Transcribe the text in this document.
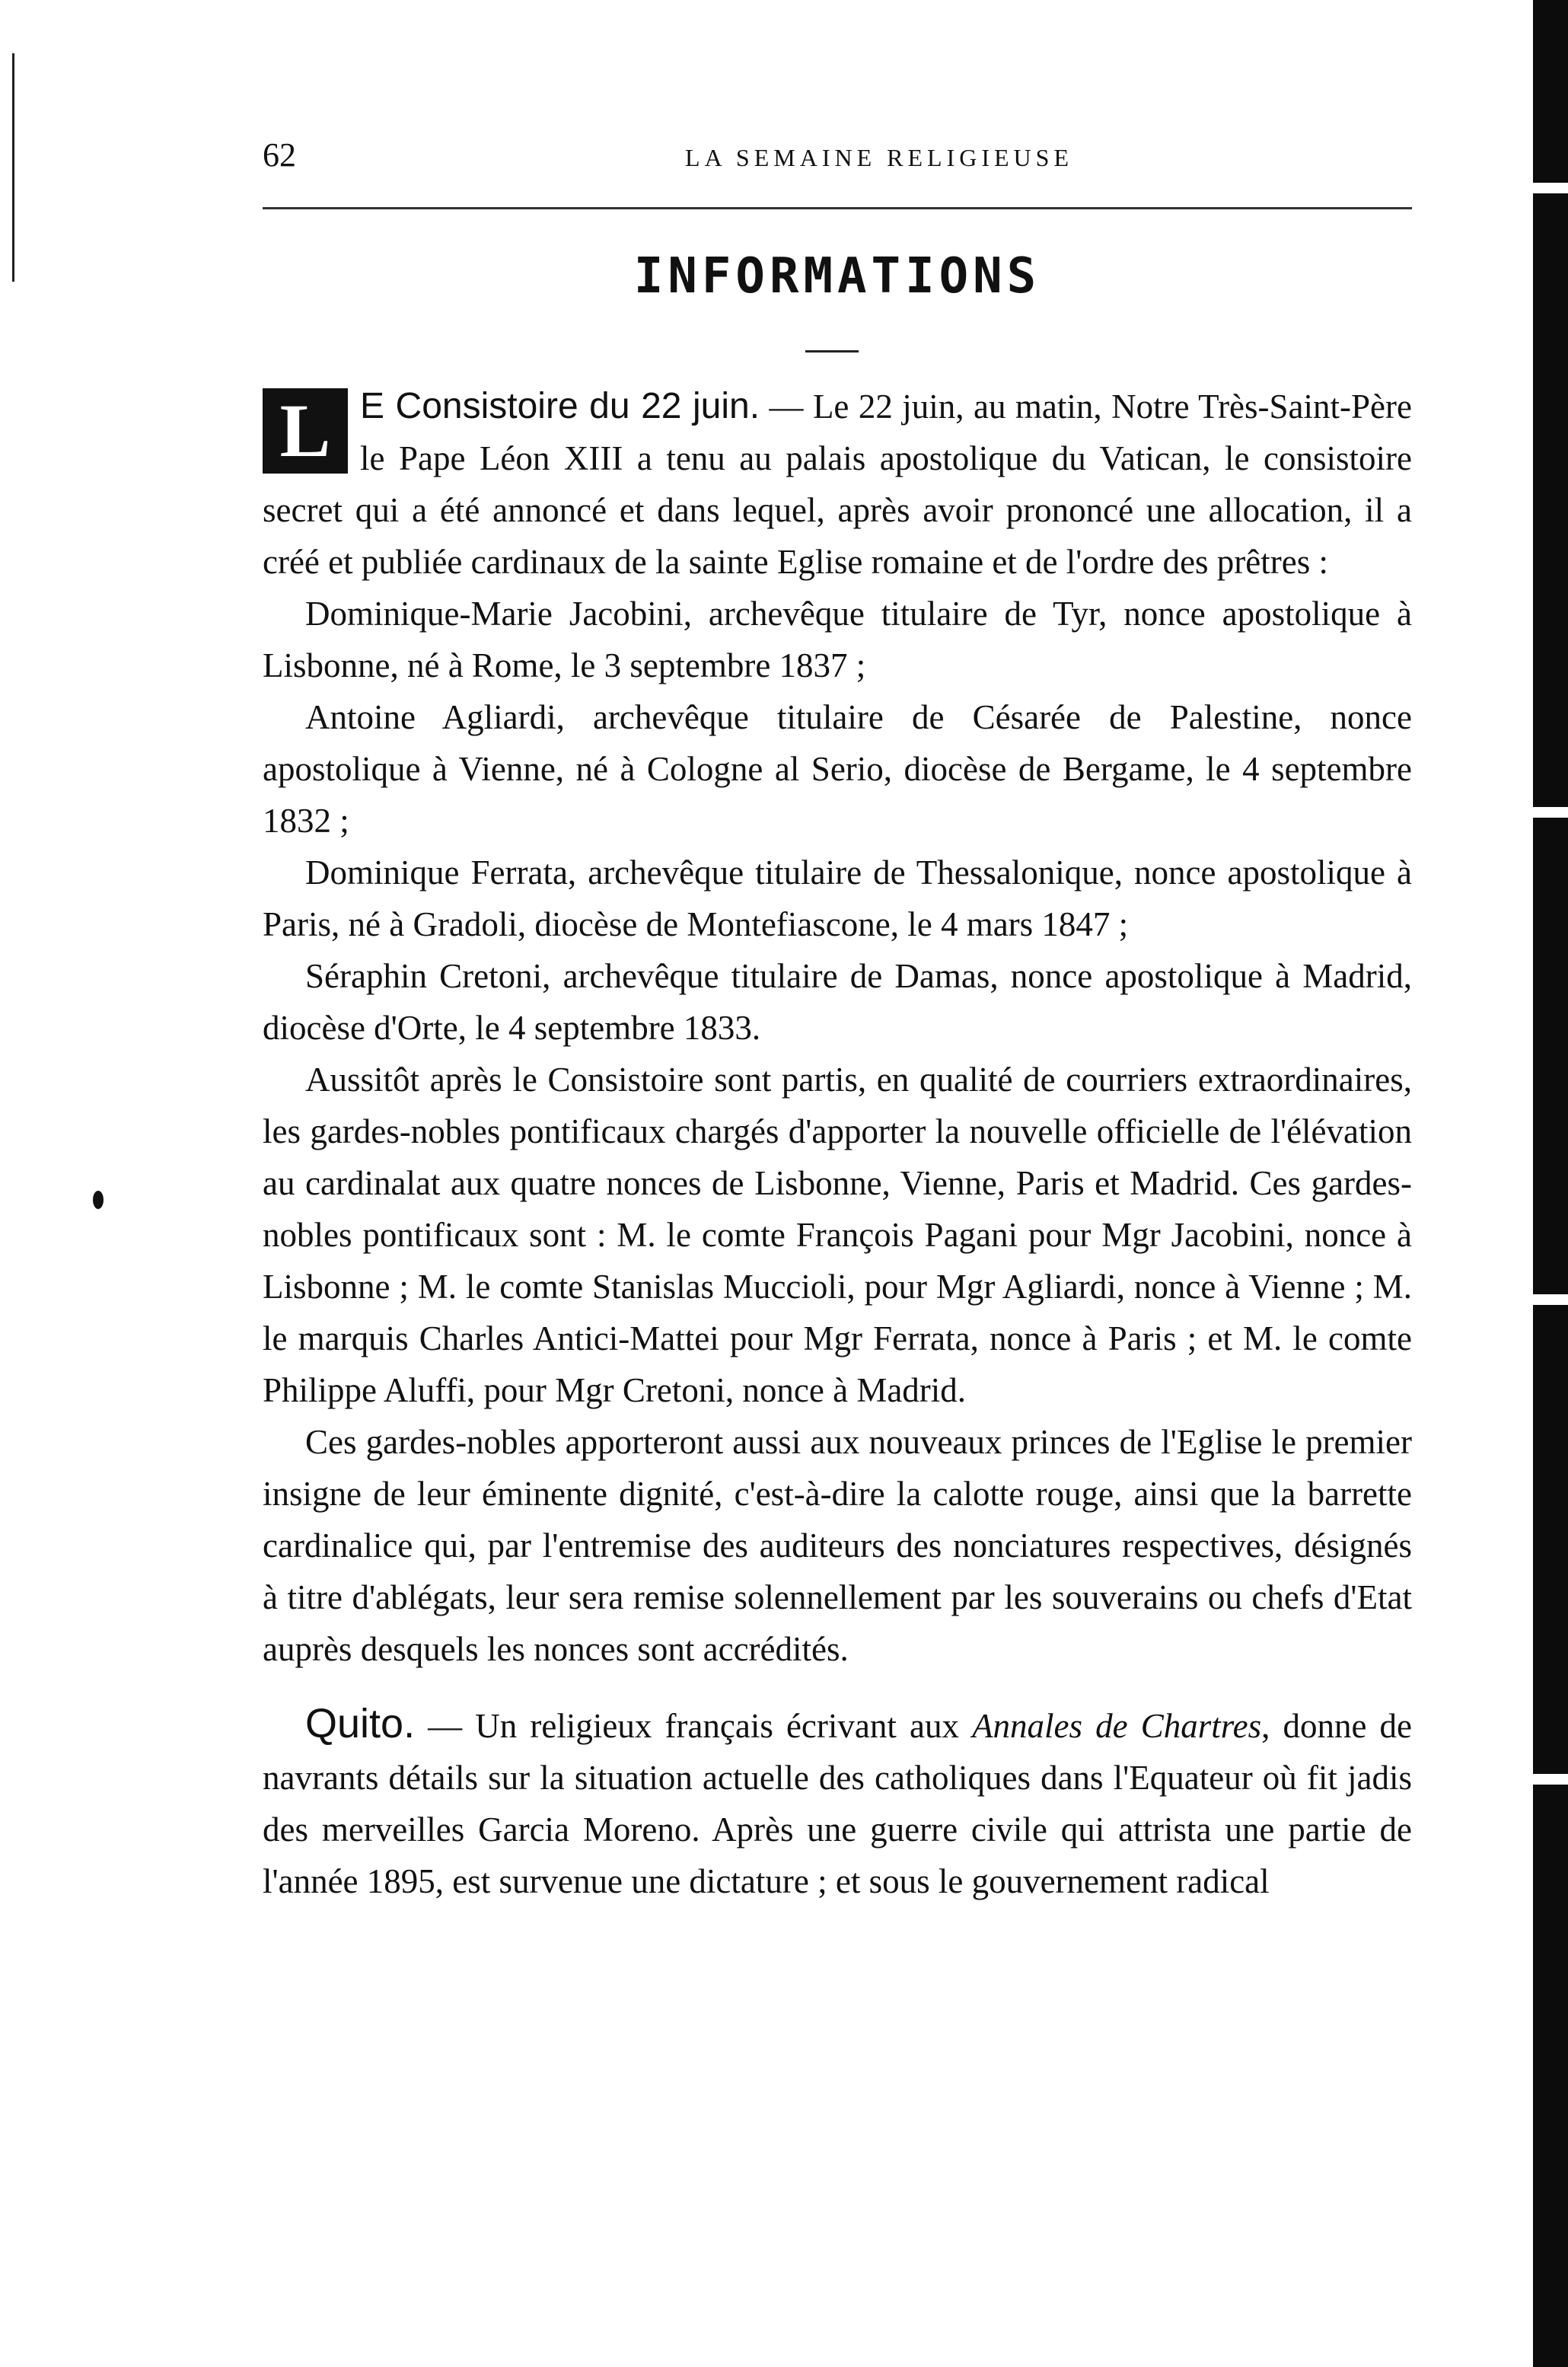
62	LA SEMAINE RELIGIEUSE
INFORMATIONS

L E Consistoire du 22 juin. — Le 22 juin, au matin, Notre Très-Saint-Père le Pape Léon XIII a tenu au palais apostolique du Vatican, le consistoire secret qui a été annoncé et dans lequel, après avoir prononcé une allocation, il a créé et publiée cardinaux de la sainte Eglise romaine et de l'ordre des prêtres :

Dominique-Marie Jacobini, archevêque titulaire de Tyr, nonce apostolique à Lisbonne, né à Rome, le 3 septembre 1837 ;

Antoine Agliardi, archevêque titulaire de Césarée de Palestine, nonce apostolique à Vienne, né à Cologne al Serio, diocèse de Bergame, le 4 septembre 1832 ;

Dominique Ferrata, archevêque titulaire de Thessalonique, nonce apostolique à Paris, né à Gradoli, diocèse de Montefiascone, le 4 mars 1847 ;

Séraphin Cretoni, archevêque titulaire de Damas, nonce apostolique à Madrid, diocèse d'Orte, le 4 septembre 1833.

Aussitôt après le Consistoire sont partis, en qualité de courriers extraordinaires, les gardes-nobles pontificaux chargés d'apporter la nouvelle officielle de l'élévation au cardinalat aux quatre nonces de Lisbonne, Vienne, Paris et Madrid. Ces gardes-nobles pontificaux sont : M. le comte François Pagani pour Mgr Jacobini, nonce à Lisbonne ; M. le comte Stanislas Muccioli, pour Mgr Agliardi, nonce à Vienne ; M. le marquis Charles Antici-Mattei pour Mgr Ferrata, nonce à Paris ; et M. le comte Philippe Aluffi, pour Mgr Cretoni, nonce à Madrid.

Ces gardes-nobles apporteront aussi aux nouveaux princes de l'Eglise le premier insigne de leur éminente dignité, c'est-à-dire la calotte rouge, ainsi que la barrette cardinalice qui, par l'entremise des auditeurs des nonciatures respectives, désignés à titre d'ablégats, leur sera remise solennellement par les souverains ou chefs d'Etat auprès desquels les nonces sont accrédités.

Quito. — Un religieux français écrivant aux Annales de Chartres, donne de navrants détails sur la situation actuelle des catholiques dans l'Equateur où fit jadis des merveilles Garcia Moreno. Après une guerre civile qui attrista une partie de l'année 1895, est survenue une dictature ; et sous le gouvernement radical
